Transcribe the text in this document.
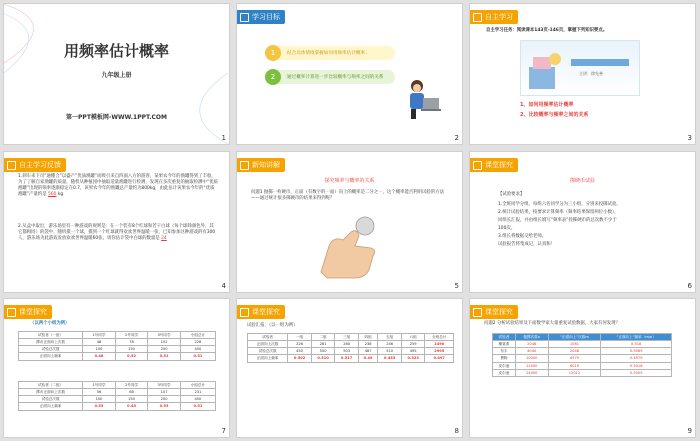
用频率估计概率
九年级上册
第一PPT模板网-WWW.1PPT.COM
1
学习目标
1	结合具体情境掌握如何用频率估计概率；
2	通过概率计算进一步比较概率与频率之间的关系
2
自主学习
自主学习任务：阅读课本143页-146页，掌握下列知识要点。
主讲：徐先善
1、如何用频率估计概率
2、比较概率与频率之间的关系
3
自主学习反馈
1.刹车来下司“通懂合”以盛产“优质渔罐”而吸引来自四面八方的游客，某果农今年的渔罐得到了丰收，为了了解自家渔罐的质量，随机从种植园中抽取适量渔罐进行检测，发现在多次重复的抽取检测中“优质渔罐”出现的频率逐渐稳定在0.7，该果农今年的渔罐总产量约为800kg，由此估计该果农今年的“优质渔罐”产量约是 560 kg
2.从盒中取出，游乐场里有一种游戏的规则是：在一个装有8个红球和若干白球（每个球除颜色外，其它都相同）的袋中，随机摸一个球，摸到一个红球就得欢欢世界温暖一张，已知参加这种游戏的有300人，游乐场为此游戏发放欢欢世界温暖60张，请你估计袋中白球的数量是 24
4
新知讲解
探究频率与概率的关系
问题1 抛掷一枚硬币，正面（有数字的一面）向上的概率是二分之一，这个概率能否利用试验的方法——通过统计很多掷硬币的结果来得到呢？
5
课堂探究
掷硬币试验
【试验要求】
1.全班同学分组，每组六名同学分为三小组，分别来投掷试验。
2.统计试验结果，按要求计算频率（频率结果保留两位小数），
同组长汇报，并由组长填写“频率表”投掷硬币的总次数不少于
100次。
3.组长将数据交给老师。
试验报告将集成记，认真和！
6
课堂探究
（以两个小组为例）
试验者（一组）	1号同学	2号同学	3号同学	小组总计
掷币正面向上次数	48	78	102	228
试验总次数	100	150	200	450
正面向上频率	0.48	0.52	0.51	0.51
试验者（二组）	1号同学	2号同学	3号同学	小组总计
掷币正面向上次数	56	68	107	231
试验总次数	100	150	200	450
正面向上频率	0.53	0.45	0.53	0.51
7
课堂探究
试验汇报：（以一组为例）
试验者	一组	二组	三组	四组	五组	六组	全班总计
正面向上次数	226	281	260	238	246	259	1490
试验总次数	450	550	503	487	510	495	2995
正面向上频率	0.502	0.510	0.517	0.49	0.453	0.523	0.497
8
课堂探究
问题2 分析试验结果及下面数学家大量重复试验数据，大家有何发现？
试验者	抛掷次数n	“正面向上”次数m	“正面向上”频率（m/n）
棣莫弗	2048	1061	0.518
布丰	4040	2048	0.5069
费勒	10000	4979	0.4979
皮尔逊	12000	6019	0.5016
皮尔逊	24000	12012	0.5005
9
